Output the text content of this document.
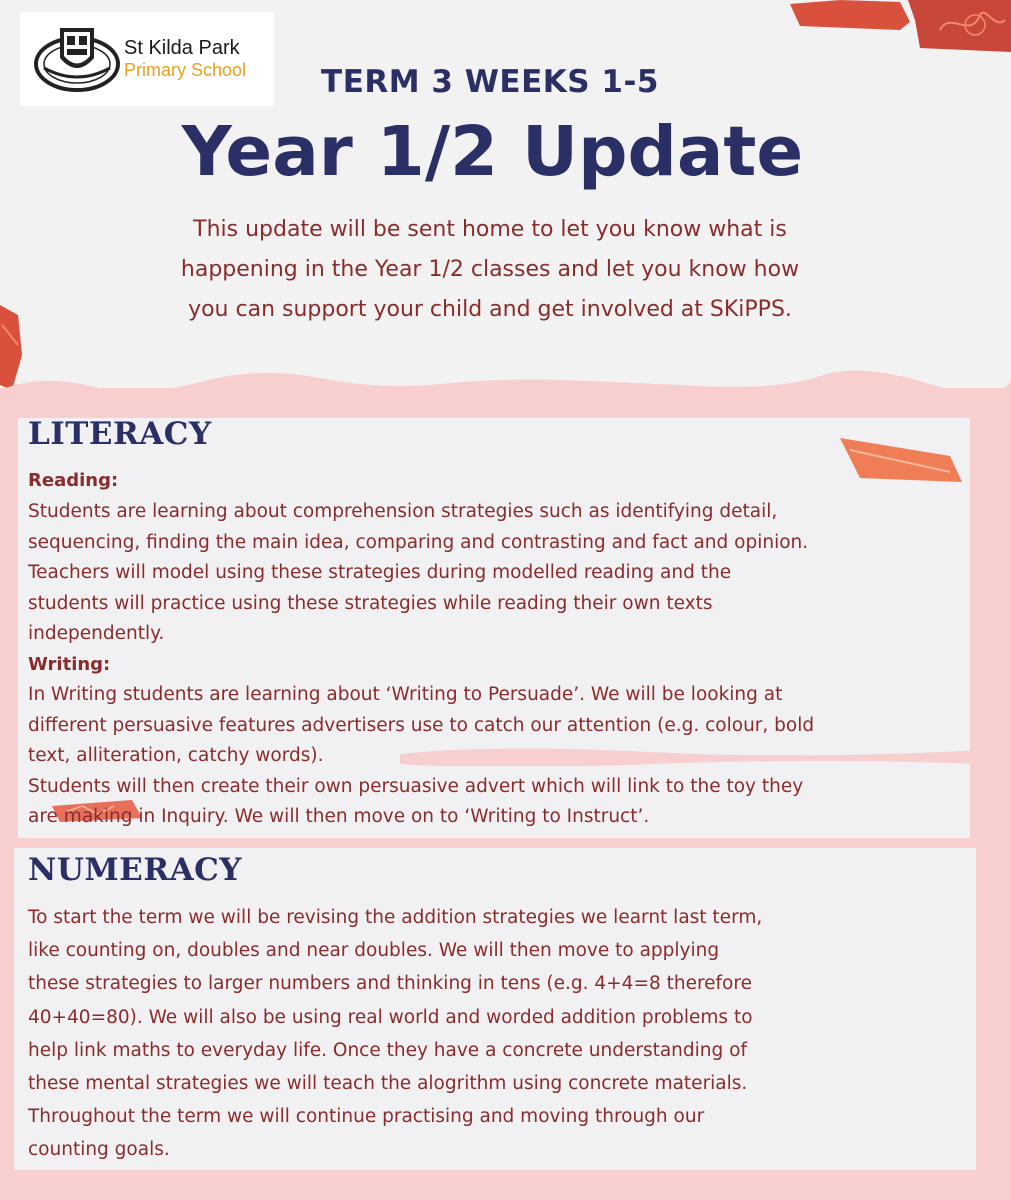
St Kilda Park
Primary School	TERM 3 WEEKS 1-5
Year 1/2 Update
This update will be sent home to let you know what is
happening in the Year 1/2 classes and let you know how
you can support your child and get involved at SKiPPS.
LITERACY
Reading:

Students are learning about comprehension strategies such as identifying detail,

sequencing, finding the main idea, comparing and contrasting and fact and opinion.

Teachers will model using these strategies during modelled reading and the

students will practice using these strategies while reading their own texts

independently.

Writing:

In Writing students are learning about ‘Writing to Persuade’. We will be looking at

different persuasive features advertisers use to catch our attention (e.g. colour, bold

text, alliteration, catchy words).

Students will then create their own persuasive advert which will link to the toy they

are making in Inquiry. We will then move on to ‘Writing to Instruct’.

NUMERACY

To start the term we will be revising the addition strategies we learnt last term,

like counting on, doubles and near doubles. We will then move to applying

these strategies to larger numbers and thinking in tens (e.g. 4+4=8 therefore

40+40=80). We will also be using real world and worded addition problems to

help link maths to everyday life. Once they have a concrete understanding of

these mental strategies we will teach the alogrithm using concrete materials.

Throughout the term we will continue practising and moving through our

counting goals.
